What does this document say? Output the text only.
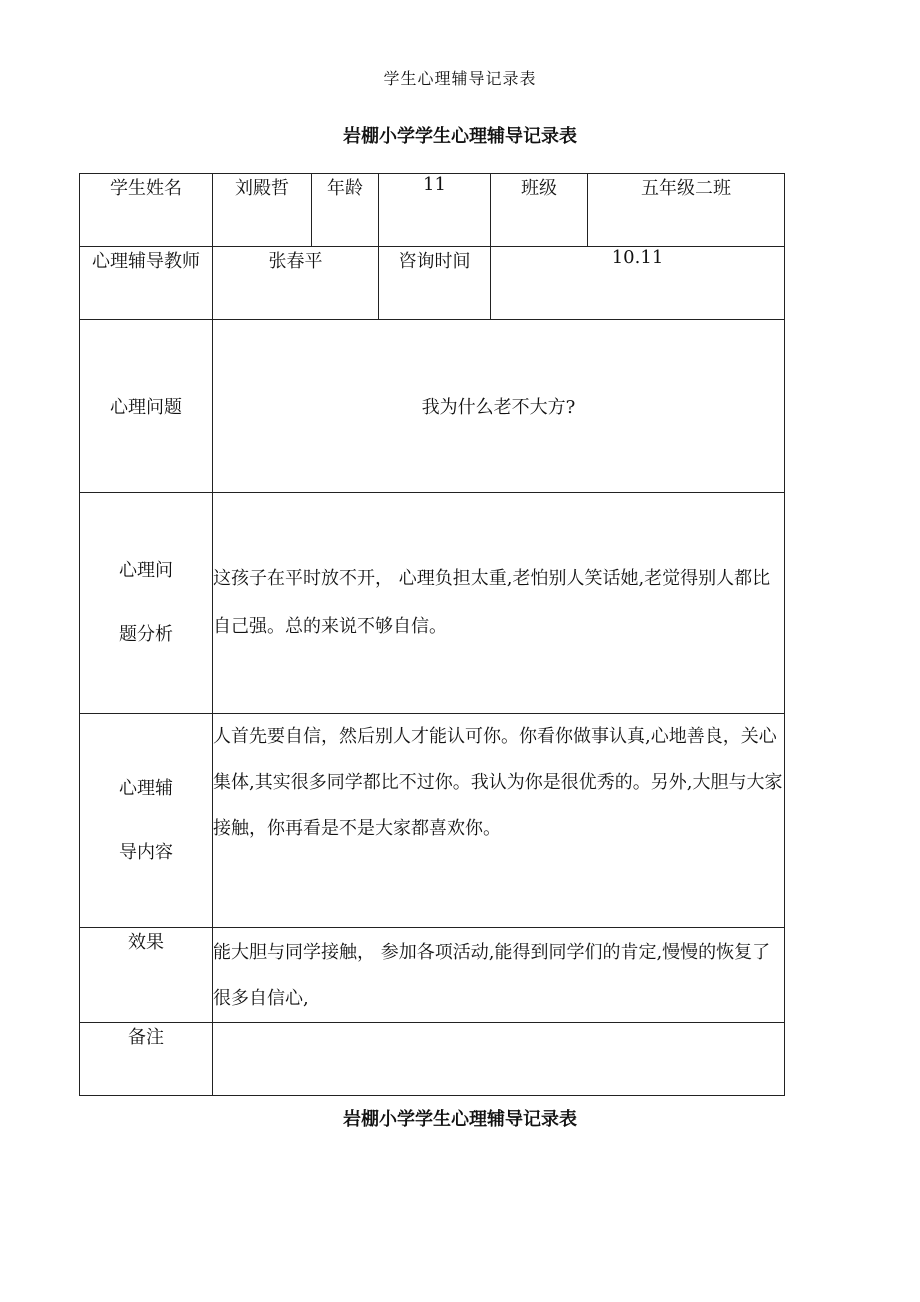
学生心理辅导记录表
岩棚小学学生心理辅导记录表
学生姓名	刘殿哲	年龄	11	班级	五年级二班
心理辅导教师	张春平		咨询时间	10.11	
心理问题	我为什么老不大方?				

心理问
题分析	这孩子在平时放不开， 心理负担太重,老怕别人笑话她,老觉得别人都比自己强。总的来说不够自信。				

心理辅
导内容	人首先要自信，然后别人才能认可你。你看你做事认真,心地善良，关心集体,其实很多同学都比不过你。我认为你是很优秀的。另外,大胆与大家接触，你再看是不是大家都喜欢你。				
效果	能大胆与同学接触， 参加各项活动,能得到同学们的肯定,慢慢的恢复了很多自信心,				
备注					
岩棚小学学生心理辅导记录表
